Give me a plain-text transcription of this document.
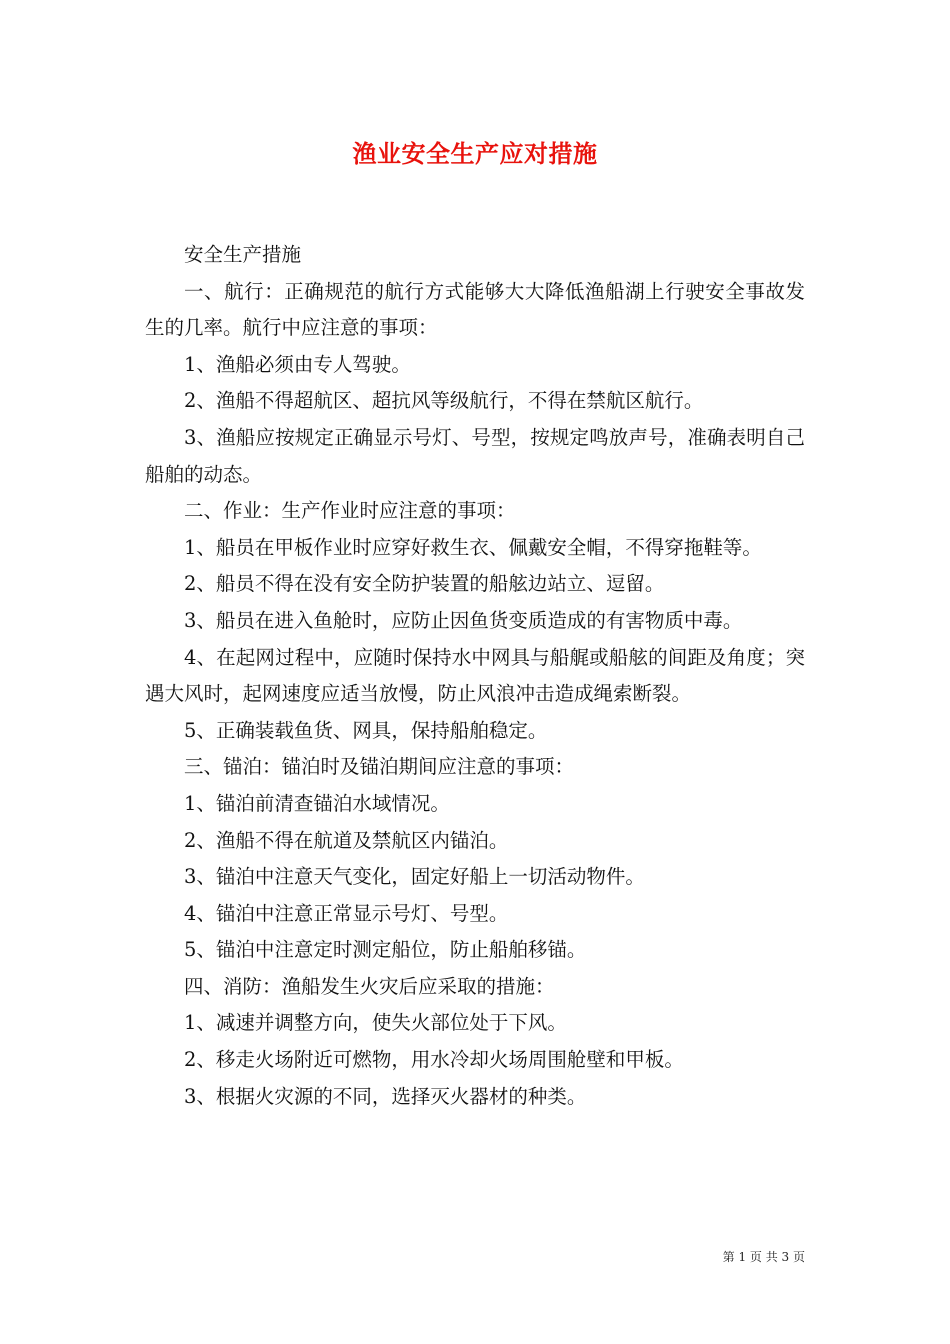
渔业安全生产应对措施

安全生产措施

一、航行：正确规范的航行方式能够大大降低渔船湖上行驶安全事故发生的几率。航行中应注意的事项：

1、渔船必须由专人驾驶。

2、渔船不得超航区、超抗风等级航行，不得在禁航区航行。

3、渔船应按规定正确显示号灯、号型，按规定鸣放声号，准确表明自己船舶的动态。

二、作业：生产作业时应注意的事项：

1、船员在甲板作业时应穿好救生衣、佩戴安全帽，不得穿拖鞋等。

2、船员不得在没有安全防护装置的船舷边站立、逗留。

3、船员在进入鱼舱时，应防止因鱼货变质造成的有害物质中毒。

4、在起网过程中，应随时保持水中网具与船艉或船舷的间距及角度；突遇大风时，起网速度应适当放慢，防止风浪冲击造成绳索断裂。

5、正确装载鱼货、网具，保持船舶稳定。

三、锚泊：锚泊时及锚泊期间应注意的事项：

1、锚泊前清查锚泊水域情况。

2、渔船不得在航道及禁航区内锚泊。

3、锚泊中注意天气变化，固定好船上一切活动物件。

4、锚泊中注意正常显示号灯、号型。

5、锚泊中注意定时测定船位，防止船舶移锚。

四、消防：渔船发生火灾后应采取的措施：

1、减速并调整方向，使失火部位处于下风。

2、移走火场附近可燃物，用水冷却火场周围舱壁和甲板。

3、根据火灾源的不同，选择灭火器材的种类。

第 1 页 共 3 页
